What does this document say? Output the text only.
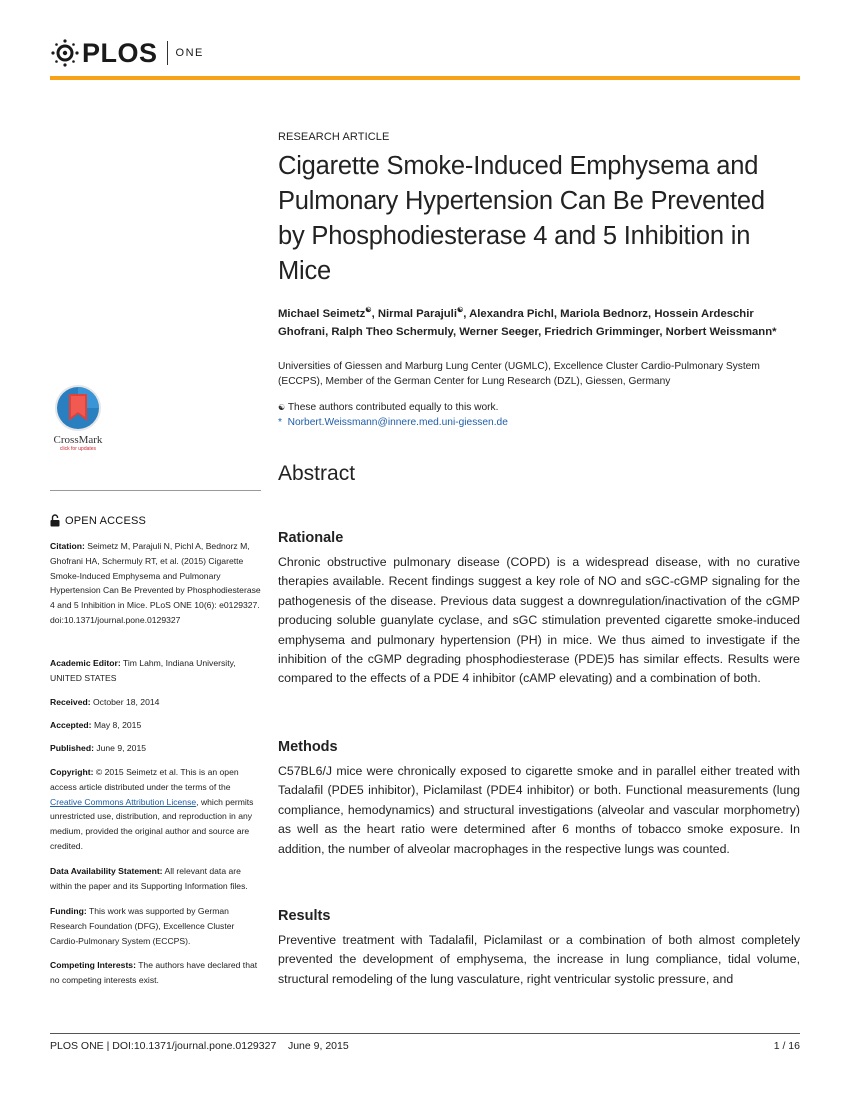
PLOS ONE
CrossMark
click for updates
OPEN ACCESS
Citation: Seimetz M, Parajuli N, Pichl A, Bednorz M, Ghofrani HA, Schermuly RT, et al. (2015) Cigarette Smoke-Induced Emphysema and Pulmonary Hypertension Can Be Prevented by Phosphodiesterase 4 and 5 Inhibition in Mice. PLoS ONE 10(6): e0129327. doi:10.1371/journal.pone.0129327
Academic Editor: Tim Lahm, Indiana University, UNITED STATES
Received: October 18, 2014
Accepted: May 8, 2015
Published: June 9, 2015
Copyright: © 2015 Seimetz et al. This is an open access article distributed under the terms of the Creative Commons Attribution License, which permits unrestricted use, distribution, and reproduction in any medium, provided the original author and source are credited.
Data Availability Statement: All relevant data are within the paper and its Supporting Information files.
Funding: This work was supported by German Research Foundation (DFG), Excellence Cluster Cardio-Pulmonary System (ECCPS).
Competing Interests: The authors have declared that no competing interests exist.
RESEARCH ARTICLE
Cigarette Smoke-Induced Emphysema and Pulmonary Hypertension Can Be Prevented by Phosphodiesterase 4 and 5 Inhibition in Mice
Michael Seimetz☯, Nirmal Parajuli☯, Alexandra Pichl, Mariola Bednorz, Hossein Ardeschir Ghofrani, Ralph Theo Schermuly, Werner Seeger, Friedrich Grimminger, Norbert Weissmann*
Universities of Giessen and Marburg Lung Center (UGMLC), Excellence Cluster Cardio-Pulmonary System (ECCPS), Member of the German Center for Lung Research (DZL), Giessen, Germany
☯ These authors contributed equally to this work.
* Norbert.Weissmann@innere.med.uni-giessen.de
Abstract
Rationale
Chronic obstructive pulmonary disease (COPD) is a widespread disease, with no curative therapies available. Recent findings suggest a key role of NO and sGC-cGMP signaling for the pathogenesis of the disease. Previous data suggest a downregulation/inactivation of the cGMP producing soluble guanylate cyclase, and sGC stimulation prevented cigarette smoke-induced emphysema and pulmonary hypertension (PH) in mice. We thus aimed to investigate if the inhibition of the cGMP degrading phosphodiesterase (PDE)5 has similar effects. Results were compared to the effects of a PDE 4 inhibitor (cAMP elevating) and a combination of both.
Methods
C57BL6/J mice were chronically exposed to cigarette smoke and in parallel either treated with Tadalafil (PDE5 inhibitor), Piclamilast (PDE4 inhibitor) or both. Functional measurements (lung compliance, hemodynamics) and structural investigations (alveolar and vascular morphometry) as well as the heart ratio were determined after 6 months of tobacco smoke exposure. In addition, the number of alveolar macrophages in the respective lungs was counted.
Results
Preventive treatment with Tadalafil, Piclamilast or a combination of both almost completely prevented the development of emphysema, the increase in lung compliance, tidal volume, structural remodeling of the lung vasculature, right ventricular systolic pressure, and
PLOS ONE | DOI:10.1371/journal.pone.0129327 June 9, 2015	1 / 16
